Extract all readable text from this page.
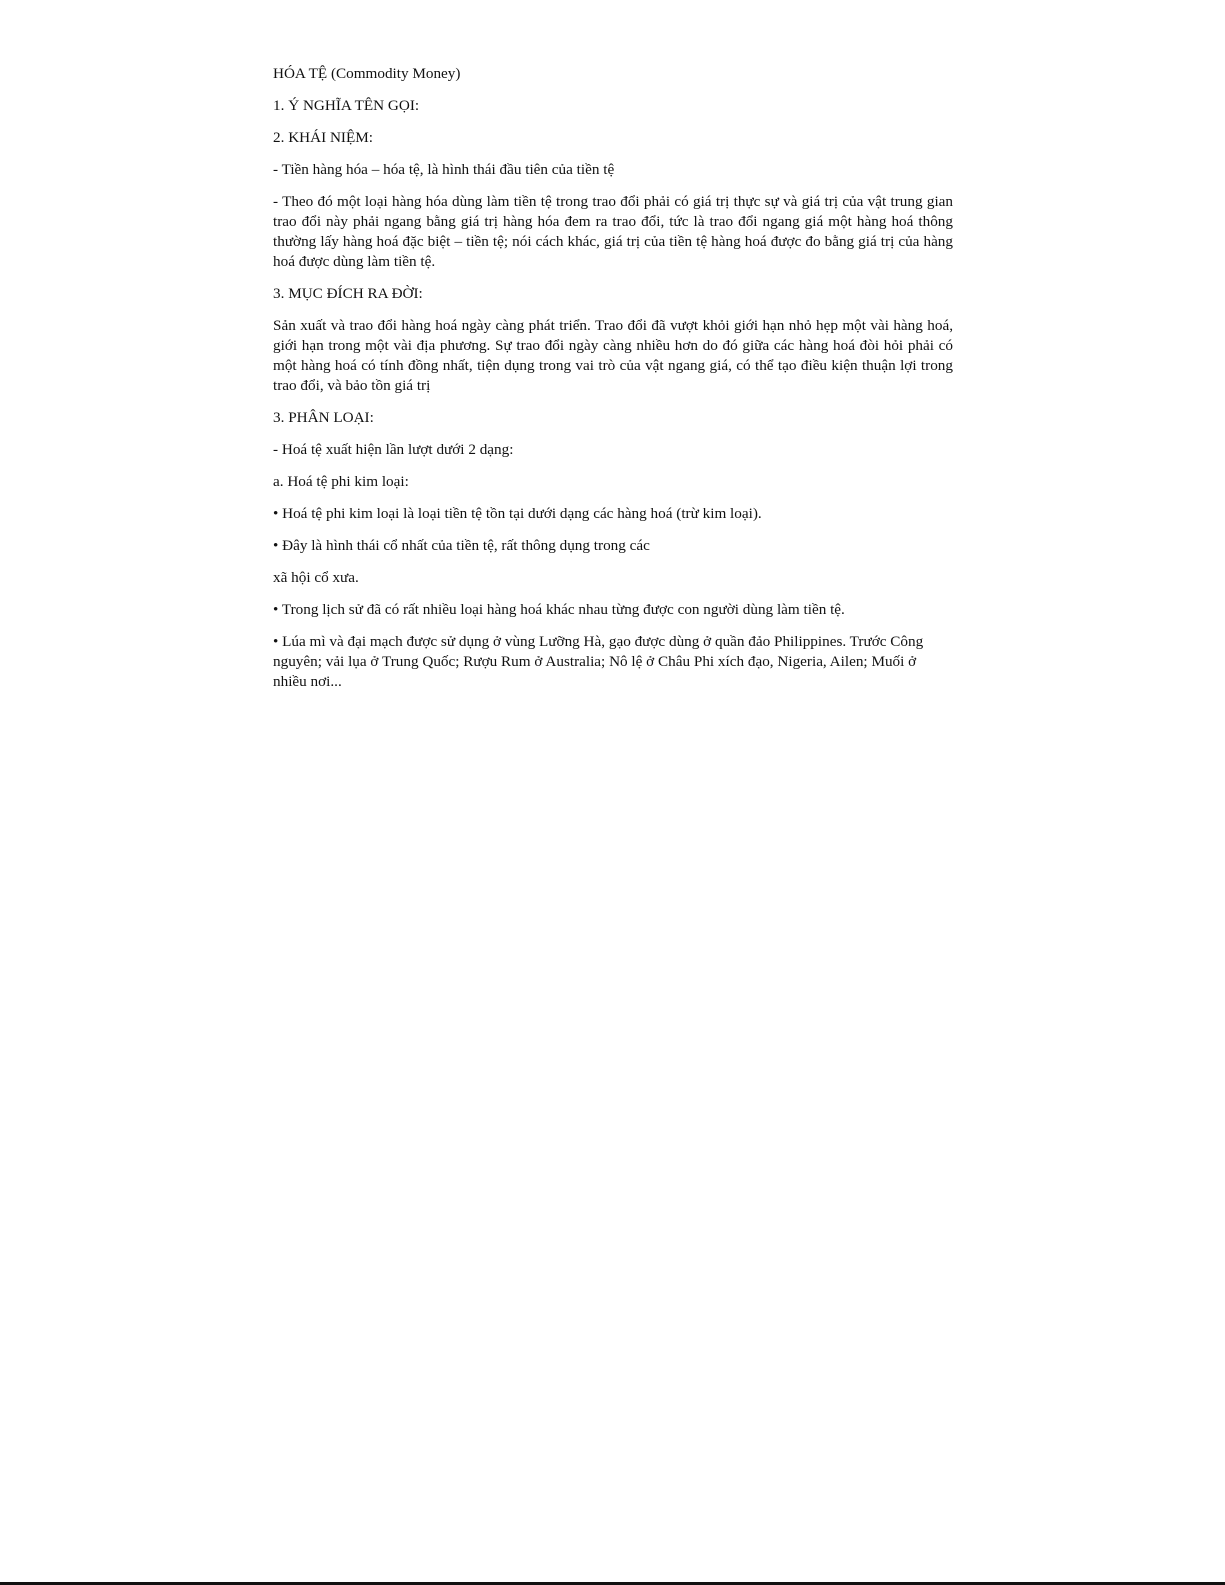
HÓA TỆ (Commodity Money)

1. Ý NGHĨA TÊN GỌI:

2. KHÁI NIỆM:

- Tiền hàng hóa – hóa tệ, là hình thái đầu tiên của tiền tệ

- Theo đó một loại hàng hóa dùng làm tiền tệ trong trao đổi phải có giá trị thực sự và giá trị của vật trung gian trao đổi này phải ngang bằng giá trị hàng hóa đem ra trao đổi, tức là trao đổi ngang giá một hàng hoá thông thường lấy hàng hoá đặc biệt – tiền tệ; nói cách khác, giá trị của tiền tệ hàng hoá được đo bằng giá trị của hàng hoá được dùng làm tiền tệ.

3. MỤC ĐÍCH RA ĐỜI:

Sản xuất và trao đổi hàng hoá ngày càng phát triển. Trao đổi đã vượt khỏi giới hạn nhỏ hẹp một vài hàng hoá, giới hạn trong một vài địa phương. Sự trao đổi ngày càng nhiều hơn do đó giữa các hàng hoá đòi hỏi phải có một hàng hoá có tính đồng nhất, tiện dụng trong vai trò của vật ngang giá, có thể tạo điều kiện thuận lợi trong trao đổi, và bảo tồn giá trị

3. PHÂN LOẠI:

- Hoá tệ xuất hiện lần lượt dưới 2 dạng:

a. Hoá tệ phi kim loại:

• Hoá tệ phi kim loại là loại tiền tệ tồn tại dưới dạng các hàng hoá (trừ kim loại).

• Đây là hình thái cổ nhất của tiền tệ, rất thông dụng trong các

xã hội cổ xưa.

• Trong lịch sử đã có rất nhiều loại hàng hoá khác nhau từng được con người dùng làm tiền tệ.

• Lúa mì và đại mạch được sử dụng ở vùng Lưỡng Hà, gạo được dùng ở quần đảo Philippines. Trước Công nguyên; vải lụa ở Trung Quốc; Rượu Rum ở Australia; Nô lệ ở Châu Phi xích đạo, Nigeria, Ailen; Muối ở nhiều nơi...
